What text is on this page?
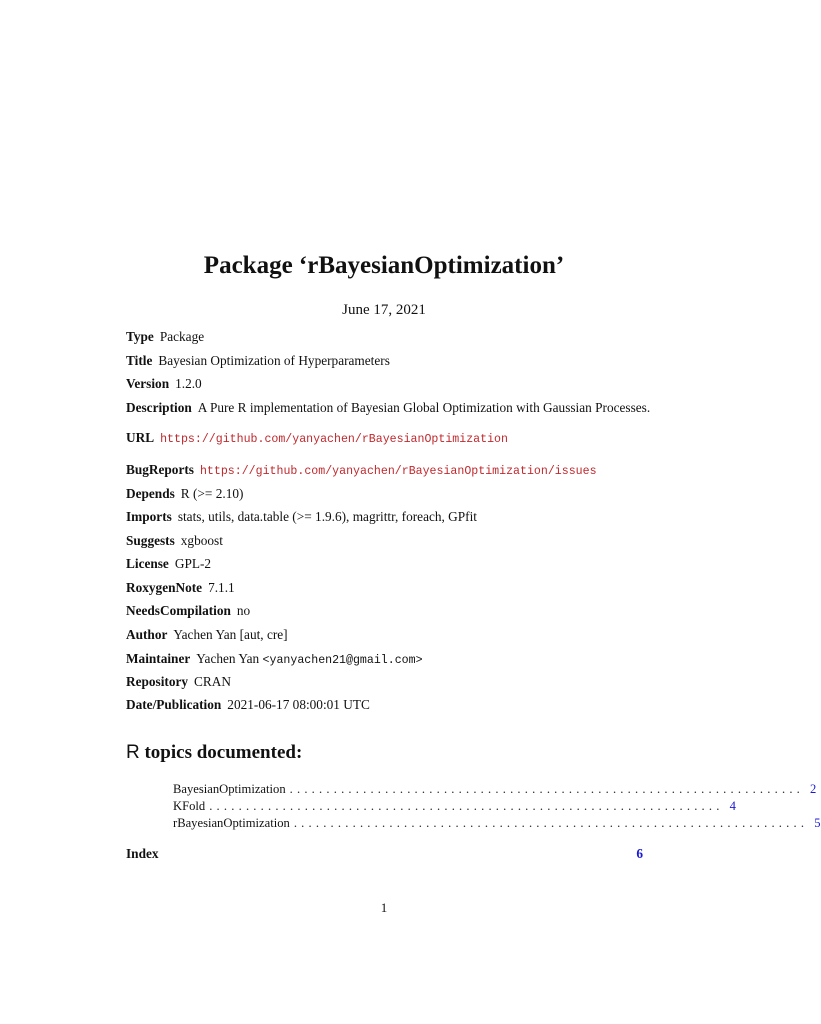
Package ‘rBayesianOptimization’
June 17, 2021
Type Package
Title Bayesian Optimization of Hyperparameters
Version 1.2.0
Description A Pure R implementation of Bayesian Global Optimization with Gaussian Processes.
URL https://github.com/yanyachen/rBayesianOptimization
BugReports https://github.com/yanyachen/rBayesianOptimization/issues
Depends R (>= 2.10)
Imports stats, utils, data.table (>= 1.9.6), magrittr, foreach, GPfit
Suggests xgboost
License GPL-2
RoxygenNote 7.1.1
NeedsCompilation no
Author Yachen Yan [aut, cre]
Maintainer Yachen Yan <yanyachen21@gmail.com>
Repository CRAN
Date/Publication 2021-06-17 08:00:01 UTC
R topics documented:
BayesianOptimization ...................................................................... 2
KFold ...................................................................... 4
rBayesianOptimization ...................................................................... 5
Index	6
1
